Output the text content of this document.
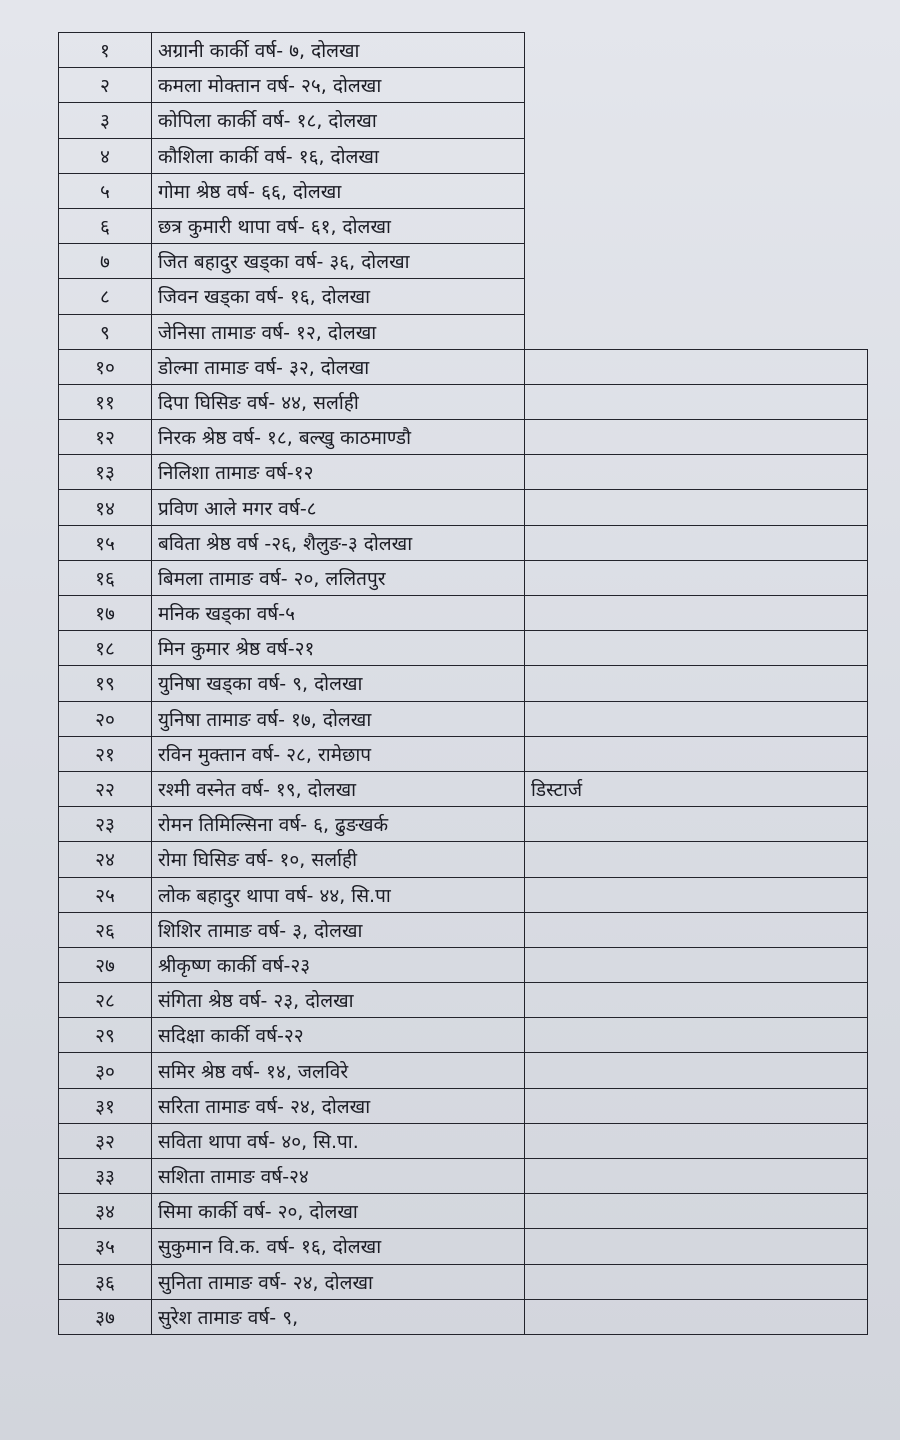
१	अग्रानी कार्की वर्ष- ७, दोलखा	
२	कमला मोक्तान वर्ष- २५, दोलखा	
३	कोपिला कार्की वर्ष- १८, दोलखा	
४	कौशिला कार्की वर्ष- १६, दोलखा	
५	गोमा श्रेष्ठ वर्ष- ६६, दोलखा	
६	छत्र कुमारी थापा वर्ष- ६१, दोलखा	
७	जित बहादुर खड्का वर्ष- ३६, दोलखा	
८	जिवन खड्का वर्ष- १६, दोलखा	
९	जेनिसा तामाङ वर्ष- १२, दोलखा	
१०	डोल्मा तामाङ वर्ष- ३२, दोलखा	
११	दिपा घिसिङ वर्ष- ४४, सर्लाही	
१२	निरक श्रेष्ठ वर्ष- १८, बल्खु काठमाण्डौ	
१३	निलिशा तामाङ वर्ष-१२	
१४	प्रविण आले मगर वर्ष-८	
१५	बविता श्रेष्ठ वर्ष -२६, शैलुङ-३ दोलखा	
१६	बिमला तामाङ वर्ष- २०, ललितपुर	
१७	मनिक खड्का वर्ष-५	
१८	मिन कुमार श्रेष्ठ वर्ष-२१	
१९	युनिषा खड्का वर्ष- ९, दोलखा	
२०	युनिषा तामाङ वर्ष- १७, दोलखा	
२१	रविन मुक्तान वर्ष- २८, रामेछाप	
२२	रश्मी वस्नेत वर्ष- १९, दोलखा	डिस्टार्ज
२३	रोमन तिमिल्सिना वर्ष- ६, ढुङखर्क	
२४	रोमा घिसिङ वर्ष- १०, सर्लाही	
२५	लोक बहादुर थापा वर्ष- ४४, सि.पा	
२६	शिशिर तामाङ वर्ष- ३, दोलखा	
२७	श्रीकृष्ण कार्की वर्ष-२३	
२८	संगिता श्रेष्ठ वर्ष- २३, दोलखा	
२९	सदिक्षा कार्की वर्ष-२२	
३०	समिर श्रेष्ठ वर्ष- १४, जलविरे	
३१	सरिता तामाङ वर्ष- २४, दोलखा	
३२	सविता थापा वर्ष- ४०, सि.पा.	
३३	सशिता तामाङ वर्ष-२४	
३४	सिमा कार्की वर्ष- २०, दोलखा	
३५	सुकुमान वि.क. वर्ष- १६, दोलखा	
३६	सुनिता तामाङ वर्ष- २४, दोलखा	
३७	सुरेश तामाङ वर्ष- ९,	
